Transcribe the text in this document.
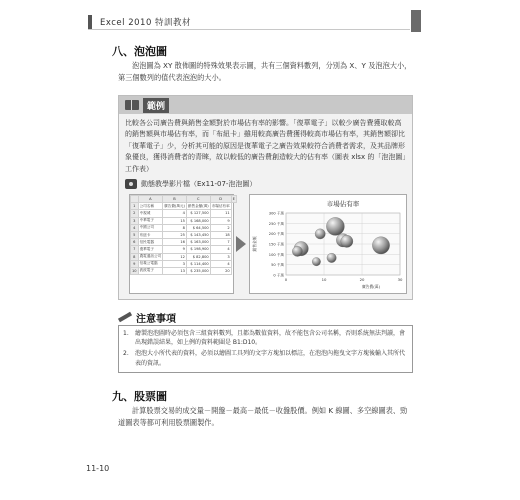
Excel 2010 特訓教材
八、泡泡圖
泡泡圖為 XY 散佈圖的特殊效果表示圖，共有三個資料數列，分別為 X、Y 及泡泡大小，第三個數列的值代表泡泡的大小。
範例
比較各公司廣告費與銷售金額對於市場佔有率的影響。「復華電子」以較少廣告費獲取較高的銷售額與市場佔有率，而「布紐卡」雖用較高廣告費獲得較高市場佔有率，其銷售額卻比「復華電子」少，分析其可能的原因是復華電子之廣告效果較符合消費者需求，及其品牌形象優良，獲得消費者的青睞，故以較低的廣告費創造較大的佔有率（圖表 xlsx 的「泡泡圖」工作表）
動態教學影片檔（Ex11-07-泡泡圖）
	A	B	C	D	E
1	公司名稱	廣告費(萬元)	銷售金額(萬)	市場佔有率	
2	中視城	4	$ 127,500	11	
3	中華電子	15	$ 168,000	9	
4	中國公司	8	$ 64,500	2	
5	布紐卡	25	$ 143,450	18	
6	信民電器	16	$ 163,000	7	
7	復華電子	9	$ 198,900	4	
8	農電通訊公司	12	$ 82,800	3	
9	信義公電腦	3	$ 114,400	4	
10	波波電子	13	$ 235,000	20	
市場佔有率
0 千萬
50 千萬
100 千萬
150 千萬
200 千萬
250 千萬
300 千萬
0	10	20	30
廣告費(萬)
銷售金額
注意事項
1.	繪製泡泡圖時必須包含三組資料數列，且都為數值資料，故不能包含公司名稱，否則系統無法判讀，會出現錯誤結果，如上例的資料範圍是 B1:D10。
2.	泡泡大小所代表的資料，必須以繪圖工具列的文字方塊加以標註，在泡泡內拖曳文字方塊後輸入其所代表的資訊。
九、股票圖
計算股票交易的成交量－開盤－最高－最低－收盤股價。例如 K 線圖、多空線圖表、勁道圖表等都可利用股票圖製作。
11-10
